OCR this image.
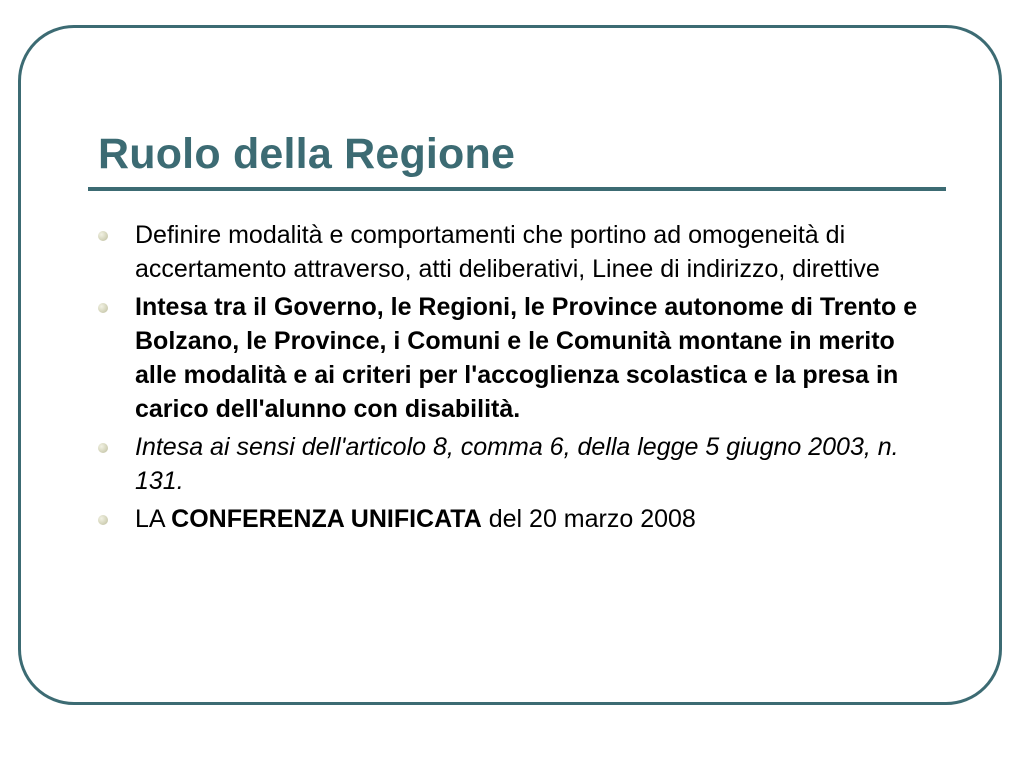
Ruolo della Regione
Definire modalità e comportamenti che portino ad omogeneità di accertamento attraverso, atti deliberativi, Linee di indirizzo, direttive
Intesa tra il Governo, le Regioni, le Province autonome di Trento e Bolzano, le Province, i Comuni e le Comunità montane in merito alle modalità e ai criteri per l'accoglienza scolastica e la presa in carico dell'alunno con disabilità.
Intesa ai sensi dell'articolo 8, comma 6, della legge 5 giugno 2003, n. 131.
LA CONFERENZA UNIFICATA del 20 marzo 2008
